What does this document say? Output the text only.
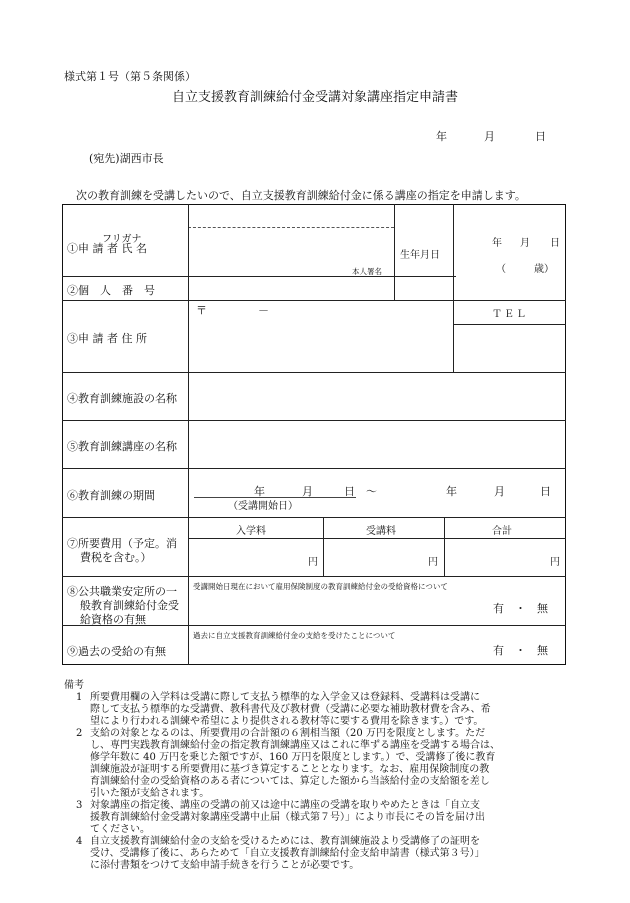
様式第１号（第５条関係）
自立支援教育訓練給付金受講対象講座指定申請書
年	月	日
(宛先)湖西市長
次の教育訓練を受講したいので、自立支援教育訓練給付金に係る講座の指定を申請します。
フリガナ
①申 請 者 氏 名
本人署名
生年月日
年 月 日
（	歳）
②個　人　番　号
③申 請 者 住 所
〒	－	ＴＥＬ
④教育訓練施設の名称
⑤教育訓練講座の名称
⑥教育訓練の期間	年	月	日 ～	年	月	日
（受講開始日）
⑦所要費用（予定。消
費税を含む。）
入学料	受講料	合計
円	円	円
⑧公共職業安定所の一
般教育訓練給付金受
給資格の有無
受講開始日現在において雇用保険制度の教育訓練給付金の受給資格について
有　・　無
⑨過去の受給の有無
過去に自立支援教育訓練給付金の支給を受けたことについて
有　・　無
備考
1 所要費用欄の入学料は受講に際して支払う標準的な入学金又は登録料、受講料は受講に
際して支払う標準的な受講費、教科書代及び教材費（受講に必要な補助教材費を含み、希
望により行われる訓練や希望により提供される教材等に要する費用を除きます。）です。
2 支給の対象となるのは、所要費用の合計額の６割相当額（20 万円を限度とします。ただ
し、専門実践教育訓練給付金の指定教育訓練講座又はこれに準ずる講座を受講する場合は、
修学年数に 40 万円を乗じた額ですが、160 万円を限度とします。）で、受講修了後に教育
訓練施設が証明する所要費用に基づき算定することとなります。なお、雇用保険制度の教
育訓練給付金の受給資格のある者については、算定した額から当該給付金の支給額を差し
引いた額が支給されます。
3 対象講座の指定後、講座の受講の前又は途中に講座の受講を取りやめたときは「自立支
援教育訓練給付金受講対象講座受講中止届（様式第７号）」により市長にその旨を届け出
てください。
4 自立支援教育訓練給付金の支給を受けるためには、教育訓練施設より受講修了の証明を
受け、受講修了後に、あらためて「自立支援教育訓練給付金支給申請書（様式第３号）」
に添付書類をつけて支給申請手続きを行うことが必要です。
